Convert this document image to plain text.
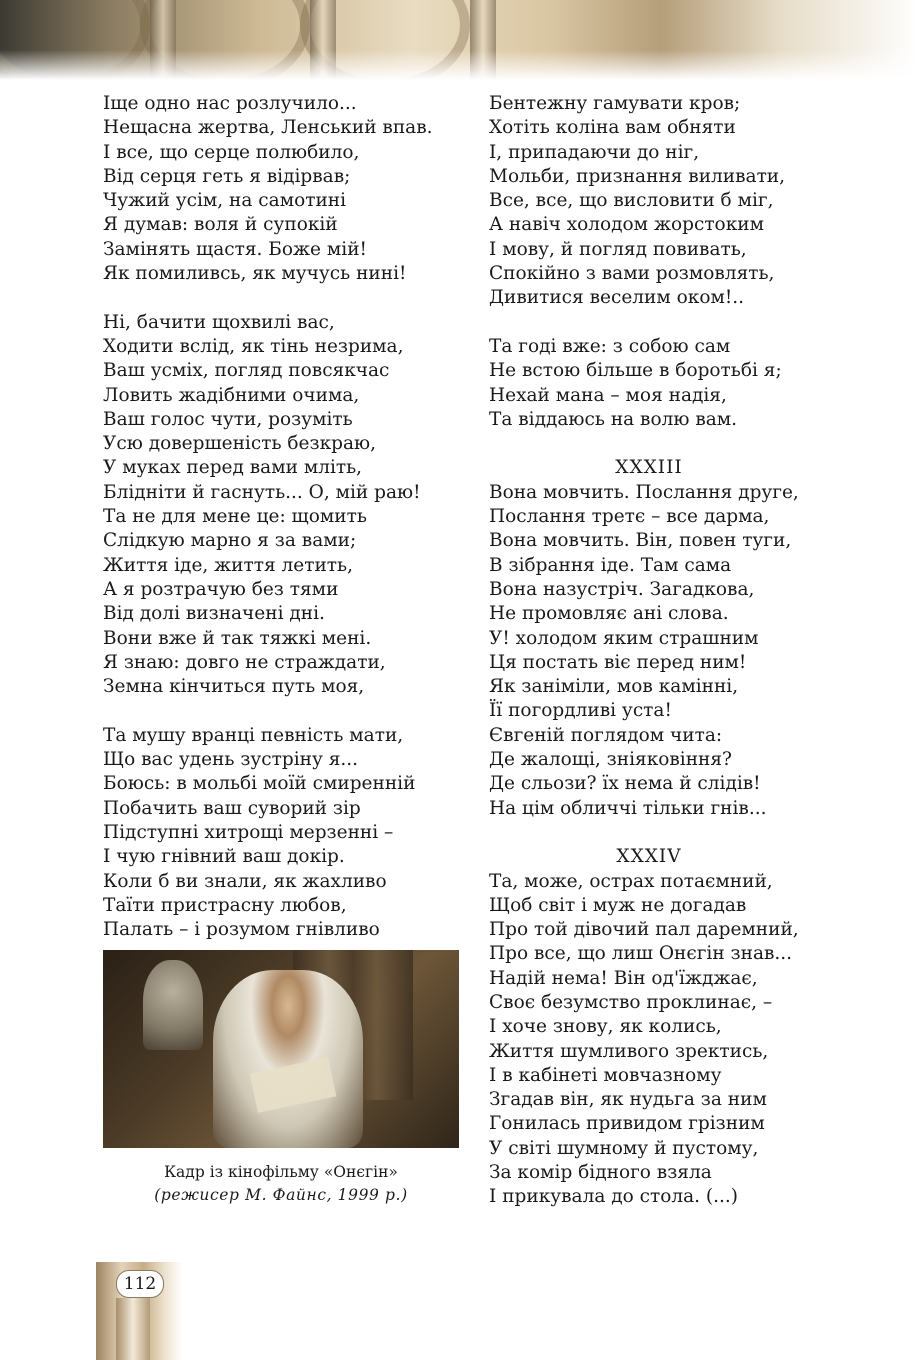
Іще одно нас розлучило...
Нещасна жертва, Ленський впав.
І все, що серце полюбило,
Від серця геть я відірвав;
Чужий усім, на самотині
Я думав: воля й супокій
Замінять щастя. Боже мій!
Як помиливсь, як мучусь нині!
Ні, бачити щохвилі вас,
Ходити вслід, як тінь незрима,
Ваш усміх, погляд повсякчас
Ловить жадібними очима,
Ваш голос чути, розуміть
Усю довершеність безкраю,
У муках перед вами мліть,
Блідніти й гаснуть... О, мій раю!
Та не для мене це: щомить
Слідкую марно я за вами;
Життя іде, життя летить,
А я розтрачую без тями
Від долі визначені дні.
Вони вже й так тяжкі мені.
Я знаю: довго не страждати,
Земна кінчиться путь моя,
Та мушу вранці певність мати,
Що вас удень зустріну я...
Боюсь: в мольбі моїй смиренній
Побачить ваш суворий зір
Підступні хитрощі мерзенні –
І чую гнівний ваш докір.
Коли б ви знали, як жахливо
Таїти пристрасну любов,
Палать – і розумом гнівливо
Кадр із кінофільму «Онєгін»
(режисер М. Файнс, 1999 р.)
Бентежну гамувати кров;
Хотіть коліна вам обняти
І, припадаючи до ніг,
Мольби, признання виливати,
Все, все, що висловити б міг,
А навіч холодом жорстоким
І мову, й погляд повивать,
Спокійно з вами розмовлять,
Дивитися веселим оком!..
Та годі вже: з собою сам
Не встою більше в боротьбі я;
Нехай мана – моя надія,
Та віддаюсь на волю вам.
XXXIII
Вона мовчить. Послання друге,
Послання третє – все дарма,
Вона мовчить. Він, повен туги,
В зібрання іде. Там сама
Вона назустріч. Загадкова,
Не промовляє ані слова.
У! холодом яким страшним
Ця постать віє перед ним!
Як заніміли, мов камінні,
Її погордливі уста!
Євгеній поглядом чита:
Де жалощі, зніяковіння?
Де сльози? їх нема й слідів!
На цім обличчі тільки гнів...
XXXIV
Та, може, острах потаємний,
Щоб світ і муж не догадав
Про той дівочий пал даремний,
Про все, що лиш Онєгін знав...
Надій нема! Він од'їжджає,
Своє безумство проклинає, –
І хоче знову, як колись,
Життя шумливого зректись,
І в кабінеті мовчазному
Згадав він, як нудьга за ним
Гонилась привидом грізним
У світі шумному й пустому,
За комір бідного взяла
І прикувала до стола. (...)
112
